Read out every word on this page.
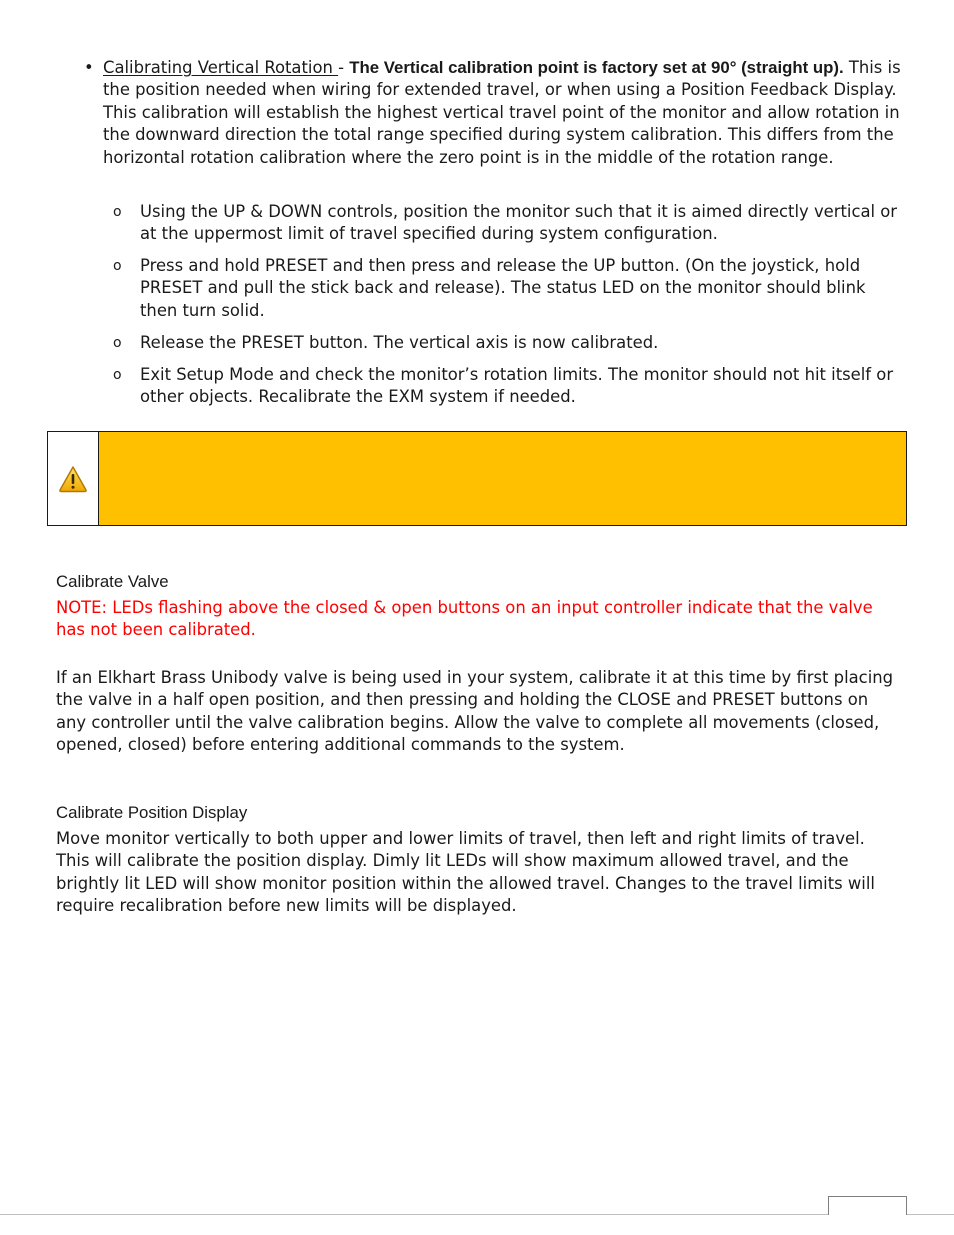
• Calibrating Vertical Rotation - The Vertical calibration point is factory set at 90° (straight up). This is the position needed when wiring for extended travel, or when using a Position Feedback Display. This calibration will establish the highest vertical travel point of the monitor and allow rotation in the downward direction the total range specified during system calibration. This differs from the horizontal rotation calibration where the zero point is in the middle of the rotation range.
o Using the UP & DOWN controls, position the monitor such that it is aimed directly vertical or at the uppermost limit of travel specified during system configuration.
o Press and hold PRESET and then press and release the UP button. (On the joystick, hold PRESET and pull the stick back and release). The status LED on the monitor should blink then turn solid.
o Release the PRESET button. The vertical axis is now calibrated.
o Exit Setup Mode and check the monitor’s rotation limits. The monitor should not hit itself or other objects. Recalibrate the EXM system if needed.
Calibrate Valve
NOTE: LEDs flashing above the closed & open buttons on an input controller indicate that the valve has not been calibrated.
If an Elkhart Brass Unibody valve is being used in your system, calibrate it at this time by first placing the valve in a half open position, and then pressing and holding the CLOSE and PRESET buttons on any controller until the valve calibration begins. Allow the valve to complete all movements (closed, opened, closed) before entering additional commands to the system.
Calibrate Position Display
Move monitor vertically to both upper and lower limits of travel, then left and right limits of travel. This will calibrate the position display. Dimly lit LEDs will show maximum allowed travel, and the brightly lit LED will show monitor position within the allowed travel. Changes to the travel limits will require recalibration before new limits will be displayed.
